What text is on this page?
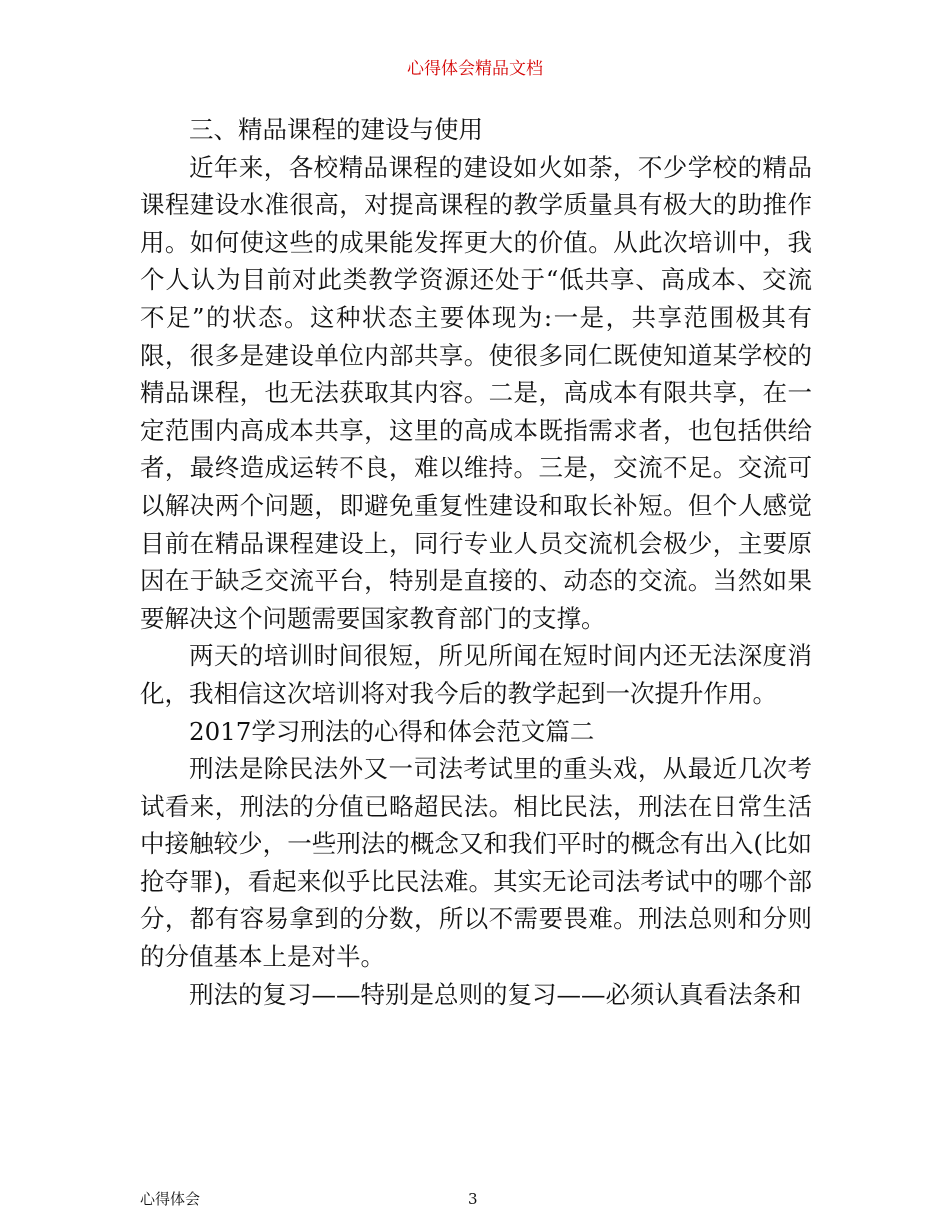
心得体会精品文档

三、精品课程的建设与使用

近年来，各校精品课程的建设如火如荼，不少学校的精品课程建设水准很高，对提高课程的教学质量具有极大的助推作用。如何使这些的成果能发挥更大的价值。从此次培训中，我个人认为目前对此类教学资源还处于“低共享、高成本、交流不足”的状态。这种状态主要体现为:一是，共享范围极其有限，很多是建设单位内部共享。使很多同仁既使知道某学校的精品课程，也无法获取其内容。二是，高成本有限共享，在一定范围内高成本共享，这里的高成本既指需求者，也包括供给者，最终造成运转不良，难以维持。三是，交流不足。交流可以解决两个问题，即避免重复性建设和取长补短。但个人感觉目前在精品课程建设上，同行专业人员交流机会极少，主要原因在于缺乏交流平台，特别是直接的、动态的交流。当然如果要解决这个问题需要国家教育部门的支撑。

两天的培训时间很短，所见所闻在短时间内还无法深度消化，我相信这次培训将对我今后的教学起到一次提升作用。

2017学习刑法的心得和体会范文篇二

刑法是除民法外又一司法考试里的重头戏，从最近几次考试看来，刑法的分值已略超民法。相比民法，刑法在日常生活中接触较少，一些刑法的概念又和我们平时的概念有出入(比如抢夺罪)，看起来似乎比民法难。其实无论司法考试中的哪个部分，都有容易拿到的分数，所以不需要畏难。刑法总则和分则的分值基本上是对半。

刑法的复习——特别是总则的复习——必须认真看法条和

心得体会	3
